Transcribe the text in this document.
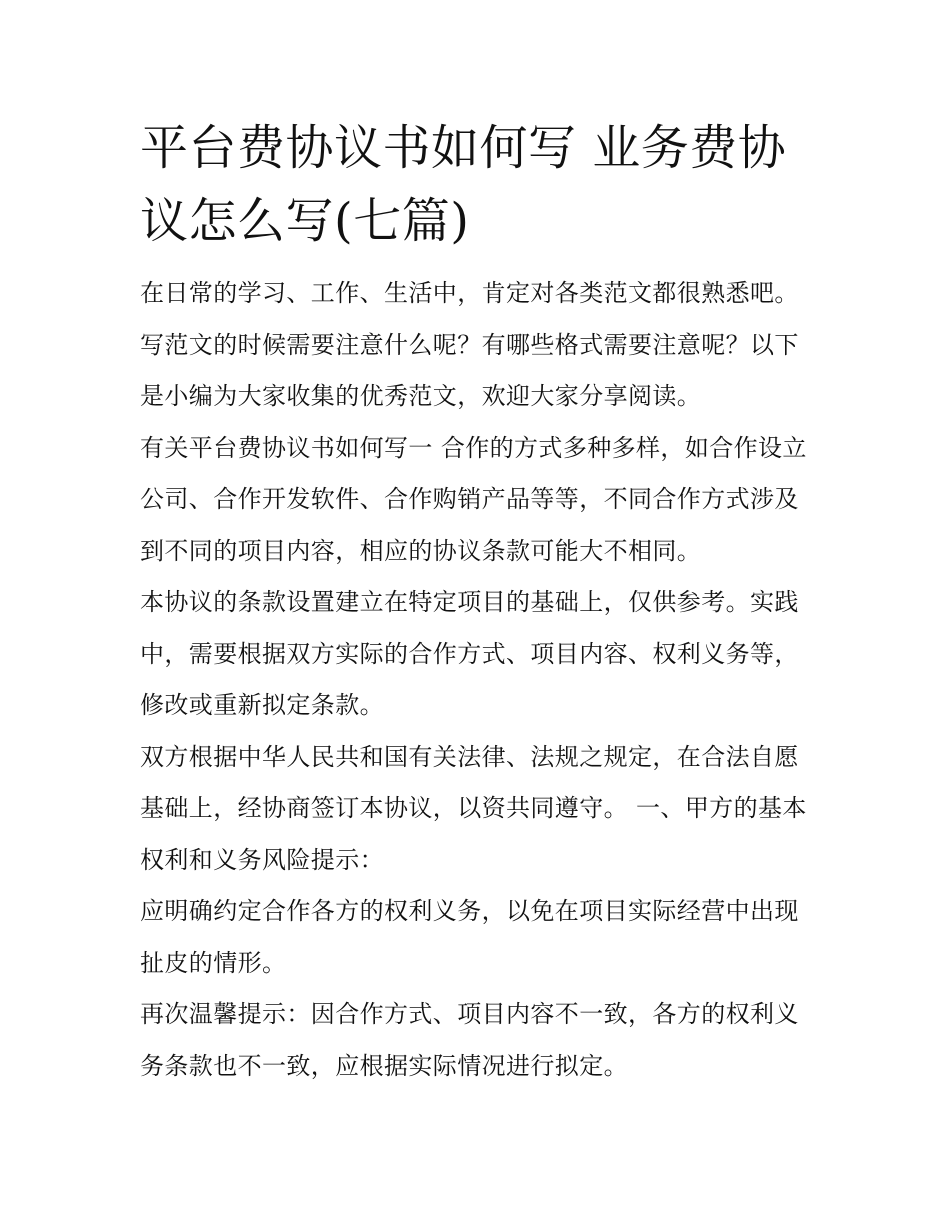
平台费协议书如何写 业务费协议怎么写(七篇)

在日常的学习、工作、生活中，肯定对各类范文都很熟悉吧。写范文的时候需要注意什么呢？有哪些格式需要注意呢？以下是小编为大家收集的优秀范文，欢迎大家分享阅读。

有关平台费协议书如何写一 合作的方式多种多样，如合作设立公司、合作开发软件、合作购销产品等等，不同合作方式涉及到不同的项目内容，相应的协议条款可能大不相同。

本协议的条款设置建立在特定项目的基础上，仅供参考。实践中，需要根据双方实际的合作方式、项目内容、权利义务等，修改或重新拟定条款。

双方根据中华人民共和国有关法律、法规之规定，在合法自愿基础上，经协商签订本协议，以资共同遵守。 一、甲方的基本权利和义务风险提示：

应明确约定合作各方的权利义务，以免在项目实际经营中出现扯皮的情形。

再次温馨提示：因合作方式、项目内容不一致，各方的权利义务条款也不一致，应根据实际情况进行拟定。
